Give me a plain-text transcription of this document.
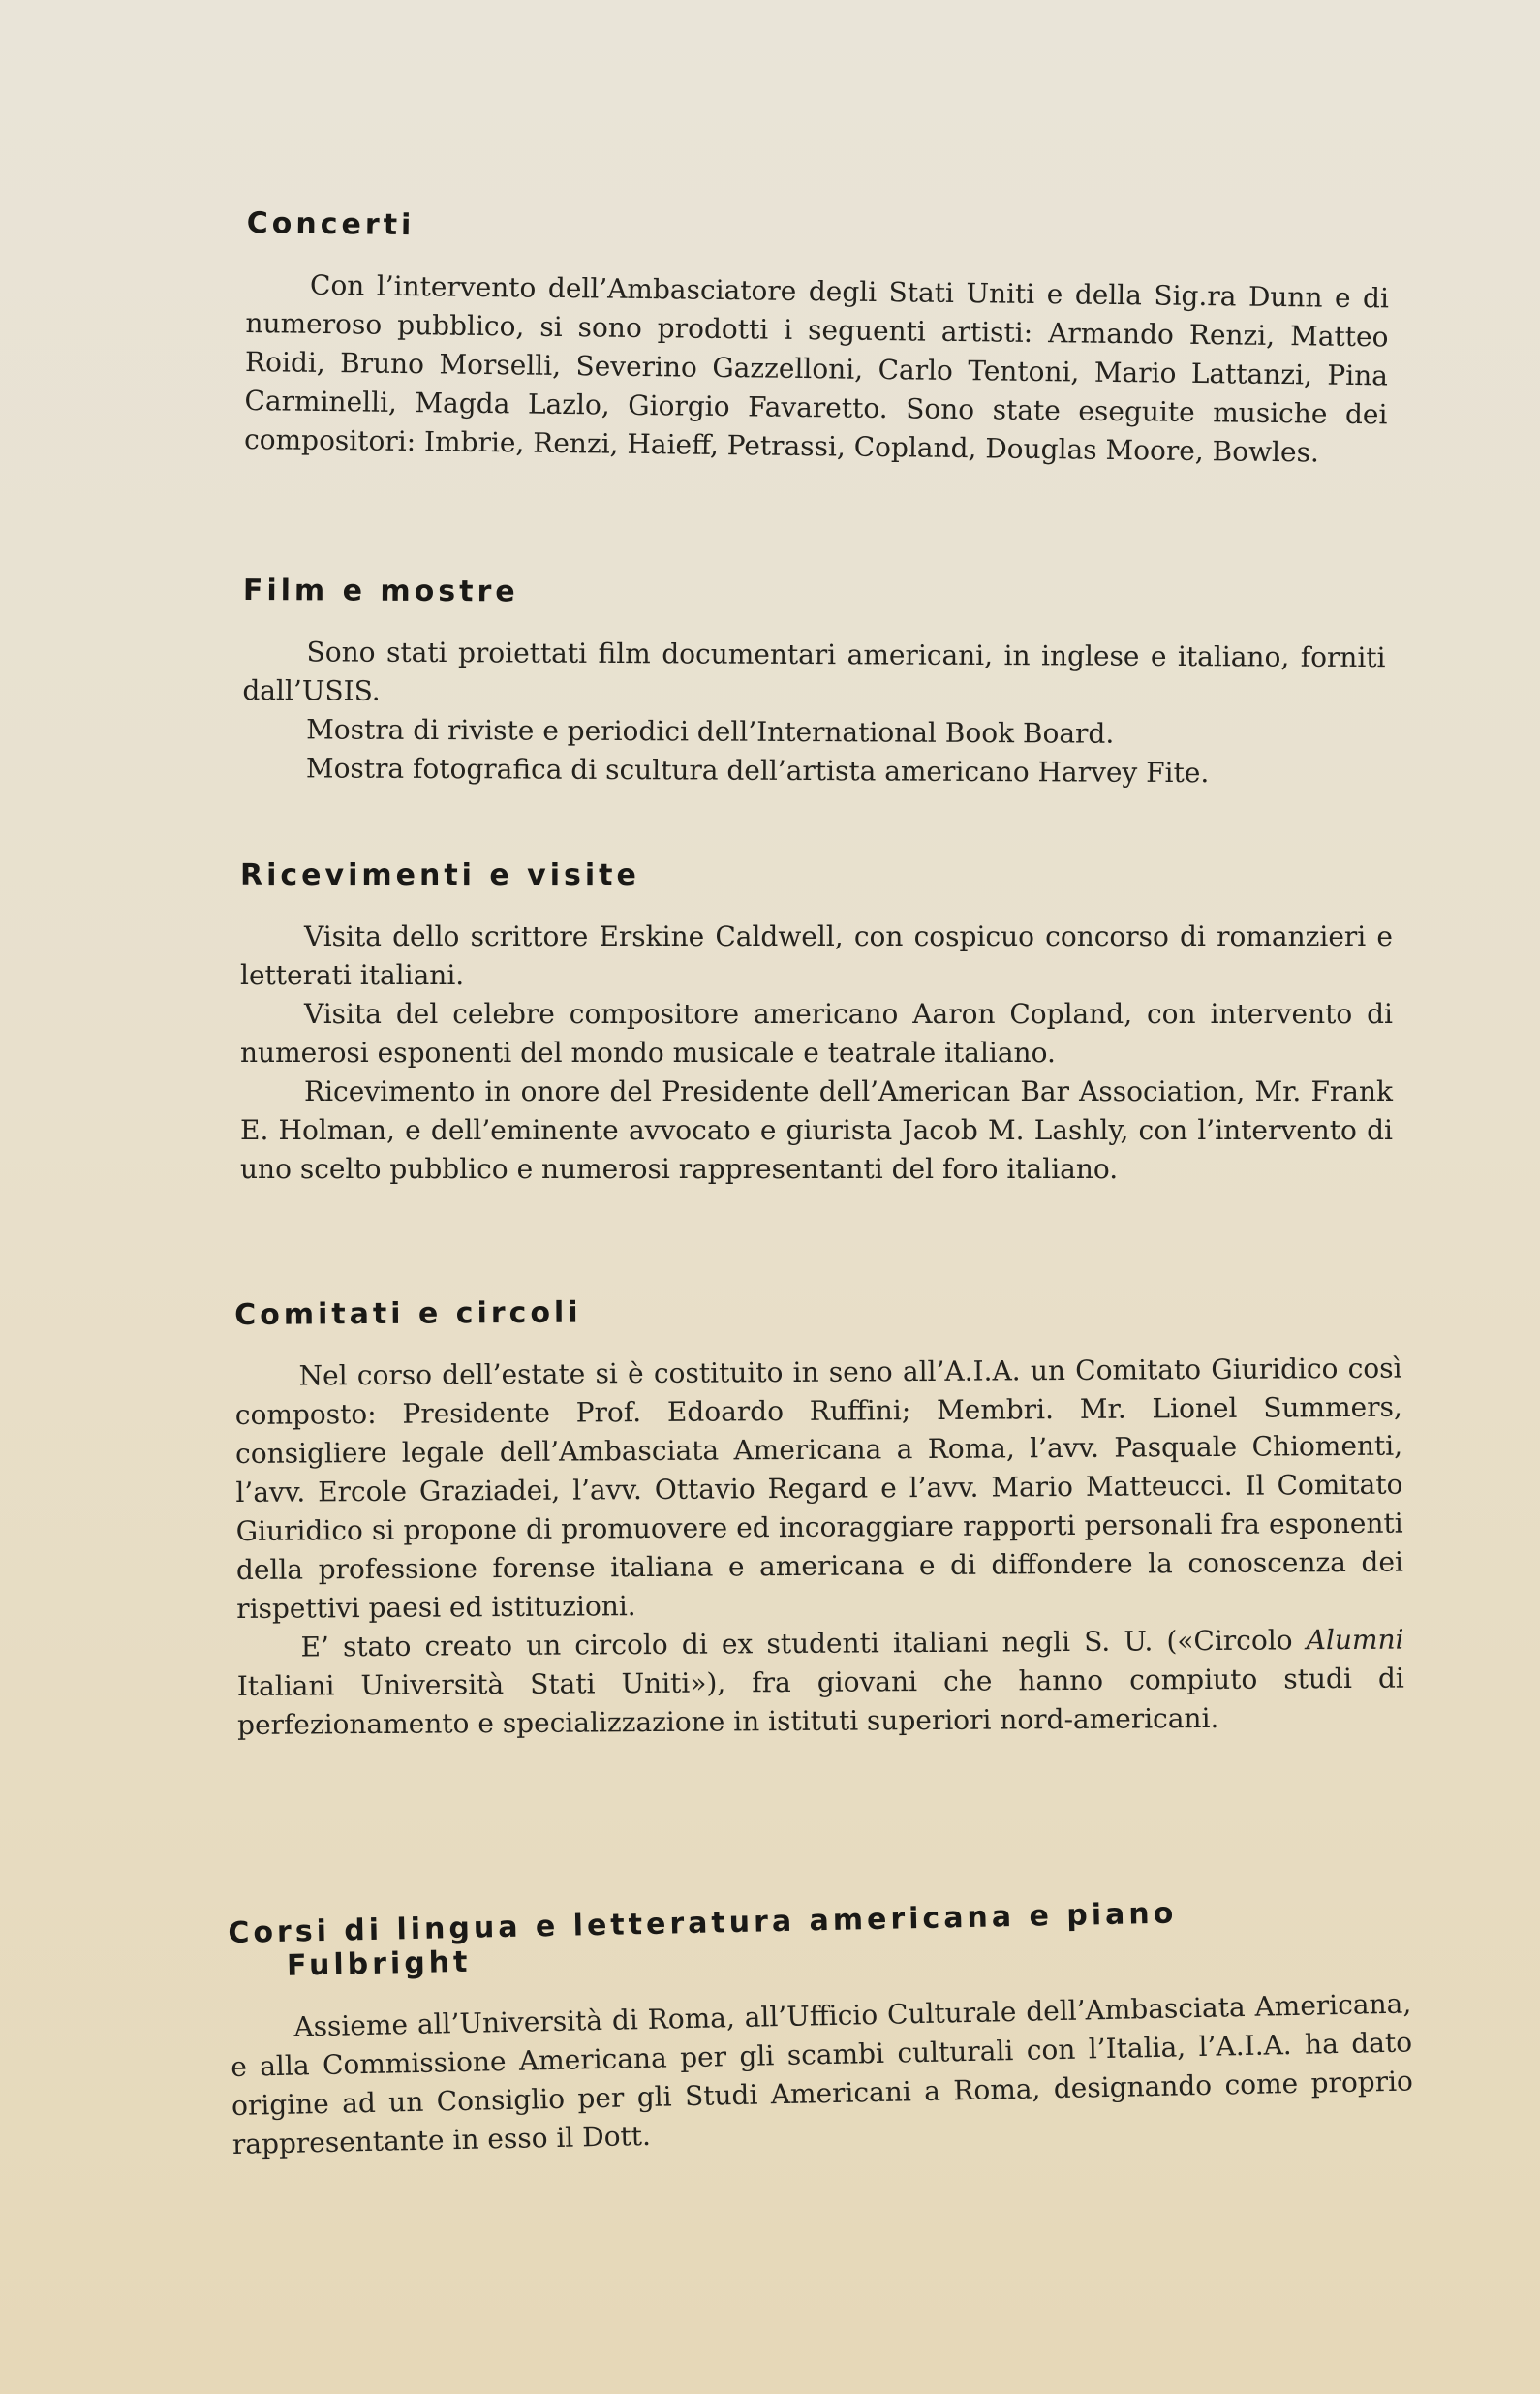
Concerti

Con l’intervento dell’Ambasciatore degli Stati Uniti e della Sig.ra Dunn e di numeroso pubblico, si sono prodotti i seguenti artisti: Armando Renzi, Matteo Roidi, Bruno Morselli, Severino Gazzelloni, Carlo Tentoni, Mario Lattanzi, Pina Carminelli, Magda Lazlo, Giorgio Favaretto. Sono state eseguite musiche dei compositori: Imbrie, Renzi, Haieff, Petrassi, Copland, Douglas Moore, Bowles.

Film e mostre

Sono stati proiettati film documentari americani, in inglese e italiano, forniti dall’USIS.

Mostra di riviste e periodici dell’International Book Board.

Mostra fotografica di scultura dell’artista americano Harvey Fite.

Ricevimenti e visite

Visita dello scrittore Erskine Caldwell, con cospicuo concorso di romanzieri e letterati italiani.

Visita del celebre compositore americano Aaron Copland, con intervento di numerosi esponenti del mondo musicale e teatrale italiano.

Ricevimento in onore del Presidente dell’American Bar Association, Mr. Frank E. Holman, e dell’eminente avvocato e giurista Jacob M. Lashly, con l’intervento di uno scelto pubblico e numerosi rappresentanti del foro italiano.

Comitati e circoli

Nel corso dell’estate si è costituito in seno all’A.I.A. un Comitato Giuridico così composto: Presidente Prof. Edoardo Ruffini; Membri. Mr. Lionel Summers, consigliere legale dell’Ambasciata Americana a Roma, l’avv. Pasquale Chiomenti, l’avv. Ercole Graziadei, l’avv. Ottavio Regard e l’avv. Mario Matteucci. Il Comitato Giuridico si propone di promuovere ed incoraggiare rapporti personali fra esponenti della professione forense italiana e americana e di diffondere la conoscenza dei rispettivi paesi ed istituzioni.

E’ stato creato un circolo di ex studenti italiani negli S. U. («Circolo Alumni Italiani Università Stati Uniti»), fra giovani che hanno compiuto studi di perfezionamento e specializzazione in istituti superiori nord-americani.

Corsi di lingua e letteratura americana e piano
Fulbright

Assieme all’Università di Roma, all’Ufficio Culturale dell’Ambasciata Americana, e alla Commissione Americana per gli scambi culturali con l’Italia, l’A.I.A. ha dato origine ad un Consiglio per gli Studi Americani a Roma, designando come proprio rappresentante in esso il Dott.
